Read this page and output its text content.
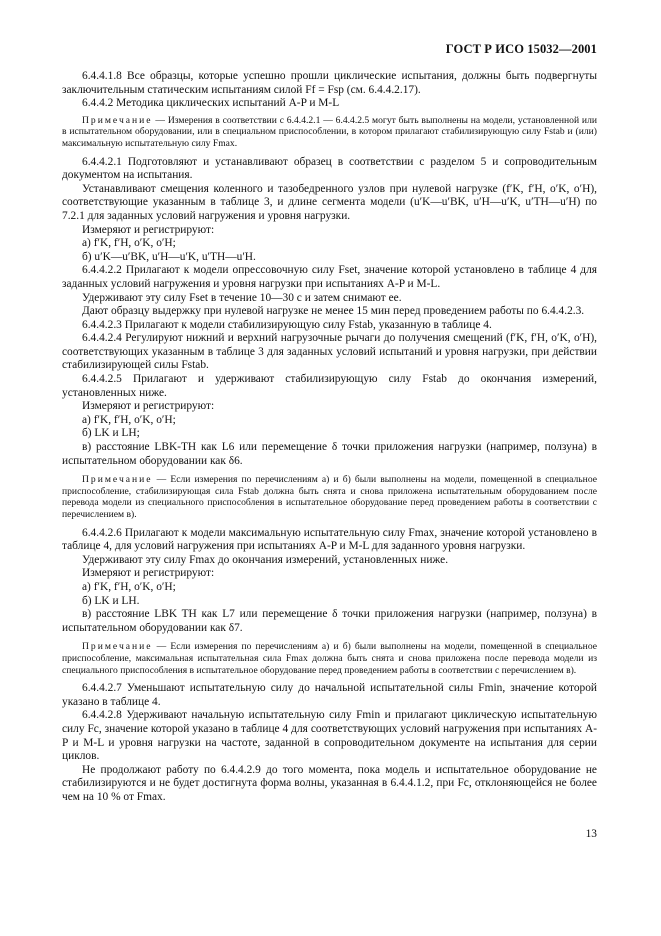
ГОСТ Р ИСО 15032—2001

6.4.4.1.8 Все образцы, которые успешно прошли циклические испытания, должны быть подвергнуты заключительным статическим испытаниям силой Ff = Fsp (см. 6.4.4.2.17).

6.4.4.2 Методика циклических испытаний A-P и M-L

Примечание — Измерения в соответствии с 6.4.4.2.1 — 6.4.4.2.5 могут быть выполнены на модели, установленной или в испытательном оборудовании, или в специальном приспособлении, в котором прилагают стабилизирующую силу Fstab и (или) максимальную испытательную силу Fmax.

6.4.4.2.1 Подготовляют и устанавливают образец в соответствии с разделом 5 и сопроводительным документом на испытания.

Устанавливают смещения коленного и тазобедренного узлов при нулевой нагрузке (f′K, f′H, o′K, o′H), соответствующие указанным в таблице 3, и длине сегмента модели (u′K—u′BK, u′H—u′K, u′TH—u′H) по 7.2.1 для заданных условий нагружения и уровня нагрузки.

Измеряют и регистрируют:

а) f′K, f′H, o′K, o′H;

б) u′K—u′BK, u′H—u′K, u′TH—u′H.

6.4.4.2.2 Прилагают к модели опрессовочную силу Fset, значение которой установлено в таблице 4 для заданных условий нагружения и уровня нагрузки при испытаниях A-P и M-L.

Удерживают эту силу Fset в течение 10—30 с и затем снимают ее.

Дают образцу выдержку при нулевой нагрузке не менее 15 мин перед проведением работы по 6.4.4.2.3.

6.4.4.2.3 Прилагают к модели стабилизирующую силу Fstab, указанную в таблице 4.

6.4.4.2.4 Регулируют нижний и верхний нагрузочные рычаги до получения смещений (f′K, f′H, o′K, o′H), соответствующих указанным в таблице 3 для заданных условий испытаний и уровня нагрузки, при действии стабилизирующей силы Fstab.

6.4.4.2.5 Прилагают и удерживают стабилизирующую силу Fstab до окончания измерений, установленных ниже.

Измеряют и регистрируют:

а) f′K, f′H, o′K, o′H;

б) LK и LH;

в) расстояние LBK-TH как L6 или перемещение δ точки приложения нагрузки (например, ползуна) в испытательном оборудовании как δ6.

Примечание — Если измерения по перечислениям а) и б) были выполнены на модели, помещенной в специальное приспособление, стабилизирующая сила Fstab должна быть снята и снова приложена испытательным оборудованием после перевода модели из специального приспособления в испытательное оборудование перед проведением работы в соответствии с перечислением в).

6.4.4.2.6 Прилагают к модели максимальную испытательную силу Fmax, значение которой установлено в таблице 4, для условий нагружения при испытаниях A-P и M-L для заданного уровня нагрузки.

Удерживают эту силу Fmax до окончания измерений, установленных ниже.

Измеряют и регистрируют:

а) f′K, f′H, o′K, o′H;

б) LK и LH.

в) расстояние LBK TH как L7 или перемещение δ точки приложения нагрузки (например, ползуна) в испытательном оборудовании как δ7.

Примечание — Если измерения по перечислениям а) и б) были выполнены на модели, помещенной в специальное приспособление, максимальная испытательная сила Fmax должна быть снята и снова приложена после перевода модели из специального приспособления в испытательное оборудование перед проведением работы в соответствии с перечислением в).

6.4.4.2.7 Уменьшают испытательную силу до начальной испытательной силы Fmin, значение которой указано в таблице 4.

6.4.4.2.8 Удерживают начальную испытательную силу Fmin и прилагают циклическую испытательную силу Fc, значение которой указано в таблице 4 для соответствующих условий нагружения при испытаниях A-P и M-L и уровня нагрузки на частоте, заданной в сопроводительном документе на испытания для серии циклов.

Не продолжают работу по 6.4.4.2.9 до того момента, пока модель и испытательное оборудование не стабилизируются и не будет достигнута форма волны, указанная в 6.4.4.1.2, при Fc, отклоняющейся не более чем на 10 % от Fmax.

13
